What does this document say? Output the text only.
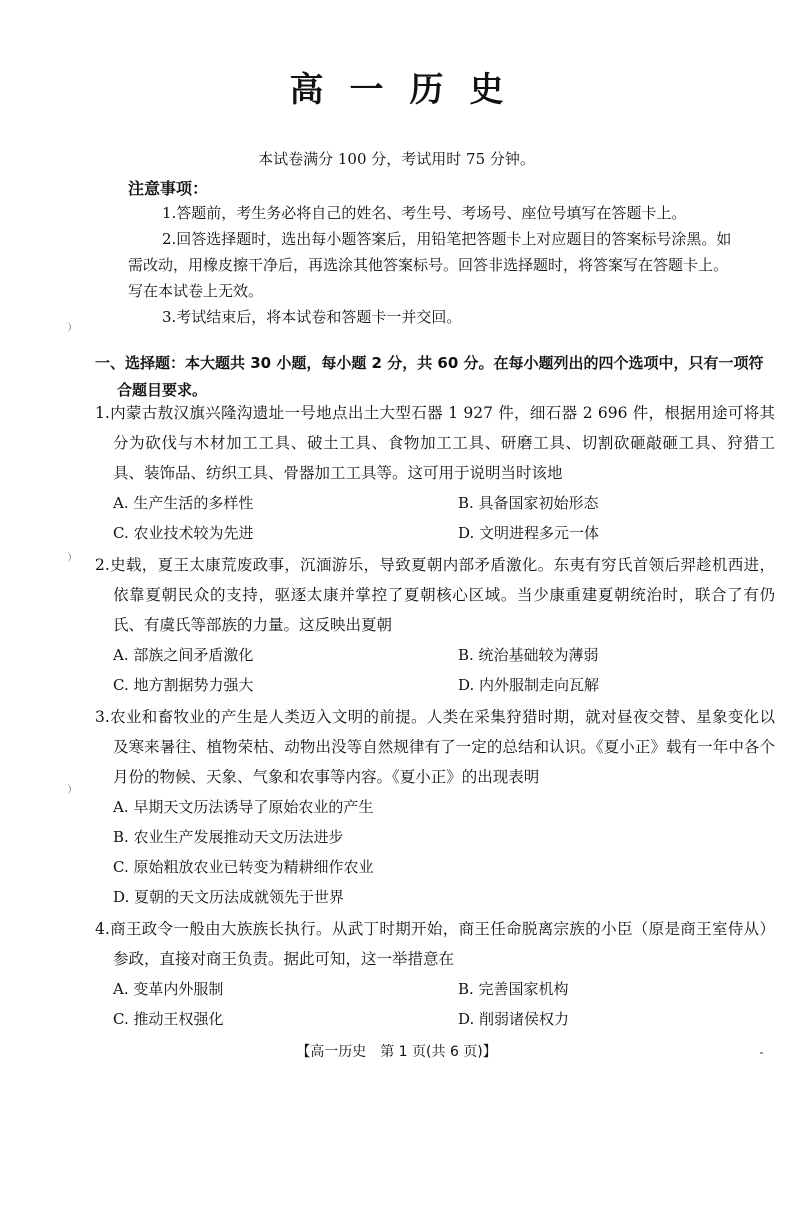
高一历史
本试卷满分 100 分，考试用时 75 分钟。
注意事项：
1.答题前，考生务必将自己的姓名、考生号、考场号、座位号填写在答题卡上。
2.回答选择题时，选出每小题答案后，用铅笔把答题卡上对应题目的答案标号涂黑。如需改动，用橡皮擦干净后，再选涂其他答案标号。回答非选择题时，将答案写在答题卡上。写在本试卷上无效。
3.考试结束后，将本试卷和答题卡一并交回。
一、选择题：本大题共 30 小题，每小题 2 分，共 60 分。在每小题列出的四个选项中，只有一项符
合题目要求。
1.内蒙古敖汉旗兴隆沟遗址一号地点出土大型石器 1 927 件，细石器 2 696 件，根据用途可将其分为砍伐与木材加工工具、破土工具、食物加工工具、研磨工具、切割砍砸敲砸工具、狩猎工具、装饰品、纺织工具、骨器加工工具等。这可用于说明当时该地
A. 生产生活的多样性	B. 具备国家初始形态
C. 农业技术较为先进	D. 文明进程多元一体
2.史载，夏王太康荒废政事，沉湎游乐，导致夏朝内部矛盾激化。东夷有穷氏首领后羿趁机西进，依靠夏朝民众的支持，驱逐太康并掌控了夏朝核心区域。当少康重建夏朝统治时，联合了有仍氏、有虞氏等部族的力量。这反映出夏朝
A. 部族之间矛盾激化	B. 统治基础较为薄弱
C. 地方割据势力强大	D. 内外服制走向瓦解
3.农业和畜牧业的产生是人类迈入文明的前提。人类在采集狩猎时期，就对昼夜交替、星象变化以及寒来暑往、植物荣枯、动物出没等自然规律有了一定的总结和认识。《夏小正》载有一年中各个月份的物候、天象、气象和农事等内容。《夏小正》的出现表明
A. 早期天文历法诱导了原始农业的产生
B. 农业生产发展推动天文历法进步
C. 原始粗放农业已转变为精耕细作农业
D. 夏朝的天文历法成就领先于世界
4.商王政令一般由大族族长执行。从武丁时期开始，商王任命脱离宗族的小臣（原是商王室侍从）参政，直接对商王负责。据此可知，这一举措意在
A. 变革内外服制	B. 完善国家机构
C. 推动王权强化	D. 削弱诸侯权力
【高一历史　第 1 页(共 6 页)】
